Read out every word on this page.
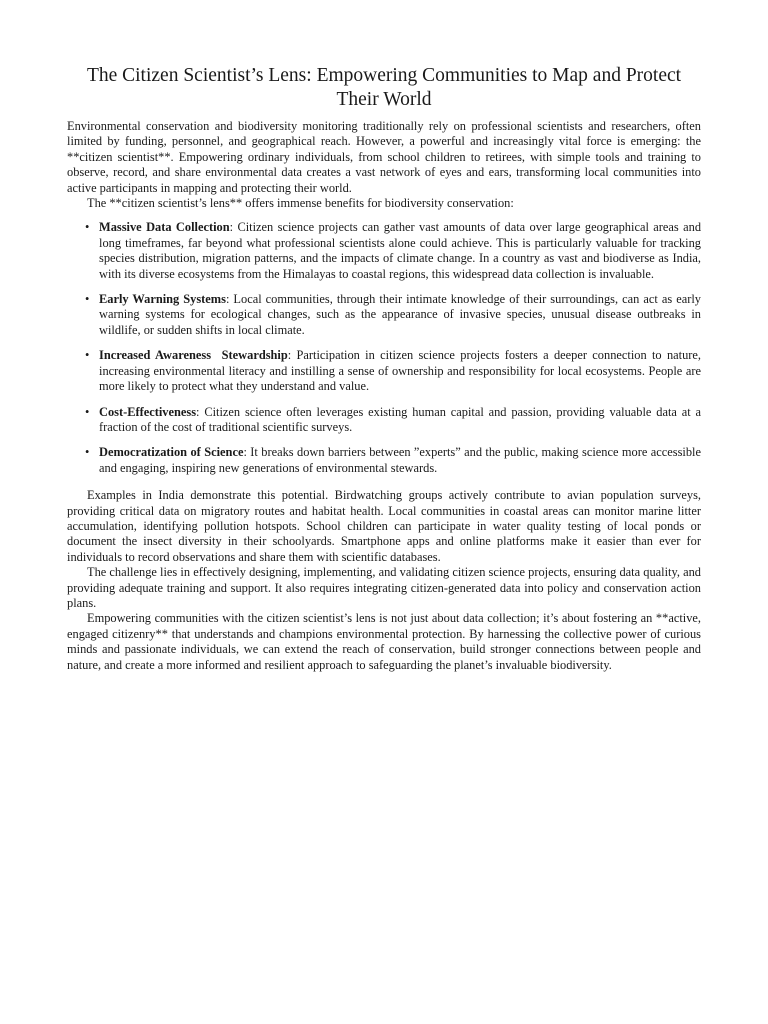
The Citizen Scientist’s Lens: Empowering Communities to Map and Protect Their World

Environmental conservation and biodiversity monitoring traditionally rely on professional scientists and researchers, often limited by funding, personnel, and geographical reach. However, a powerful and increasingly vital force is emerging: the **citizen scientist**. Empowering ordinary individuals, from school children to retirees, with simple tools and training to observe, record, and share environmental data creates a vast network of eyes and ears, transforming local communities into active participants in mapping and protecting their world.

The **citizen scientist’s lens** offers immense benefits for biodiversity conservation:

• Massive Data Collection: Citizen science projects can gather vast amounts of data over large geographical areas and long timeframes, far beyond what professional scientists alone could achieve. This is particularly valuable for tracking species distribution, migration patterns, and the impacts of climate change. In a country as vast and biodiverse as India, with its diverse ecosystems from the Himalayas to coastal regions, this widespread data collection is invaluable.
• Early Warning Systems: Local communities, through their intimate knowledge of their surroundings, can act as early warning systems for ecological changes, such as the appearance of invasive species, unusual disease outbreaks in wildlife, or sudden shifts in local climate.
• Increased Awareness  Stewardship: Participation in citizen science projects fosters a deeper connection to nature, increasing environmental literacy and instilling a sense of ownership and responsibility for local ecosystems. People are more likely to protect what they understand and value.
• Cost-Effectiveness: Citizen science often leverages existing human capital and passion, providing valuable data at a fraction of the cost of traditional scientific surveys.
• Democratization of Science: It breaks down barriers between ”experts” and the public, making science more accessible and engaging, inspiring new generations of environmental stewards.

Examples in India demonstrate this potential. Birdwatching groups actively contribute to avian population surveys, providing critical data on migratory routes and habitat health. Local communities in coastal areas can monitor marine litter accumulation, identifying pollution hotspots. School children can participate in water quality testing of local ponds or document the insect diversity in their schoolyards. Smartphone apps and online platforms make it easier than ever for individuals to record observations and share them with scientific databases.

The challenge lies in effectively designing, implementing, and validating citizen science projects, ensuring data quality, and providing adequate training and support. It also requires integrating citizen-generated data into policy and conservation action plans.

Empowering communities with the citizen scientist’s lens is not just about data collection; it’s about fostering an **active, engaged citizenry** that understands and champions environmental protection. By harnessing the collective power of curious minds and passionate individuals, we can extend the reach of conservation, build stronger connections between people and nature, and create a more informed and resilient approach to safeguarding the planet’s invaluable biodiversity.
